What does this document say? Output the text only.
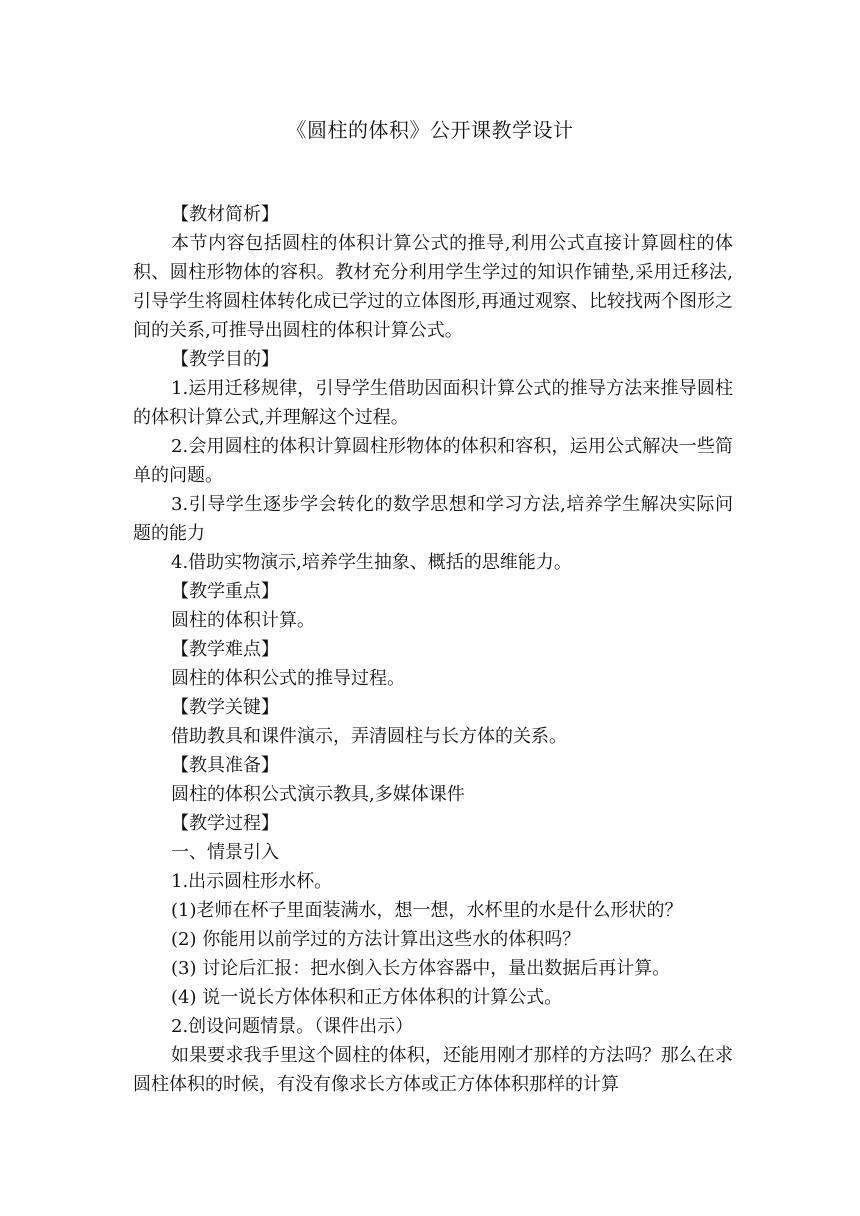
《圆柱的体积》公开课教学设计

【教材简析】

本节内容包括圆柱的体积计算公式的推导,利用公式直接计算圆柱的体积、圆柱形物体的容积。教材充分利用学生学过的知识作铺垫,采用迁移法,引导学生将圆柱体转化成已学过的立体图形,再通过观察、比较找两个图形之间的关系,可推导出圆柱的体积计算公式。

【教学目的】

1.运用迁移规律，引导学生借助因面积计算公式的推导方法来推导圆柱的体积计算公式,并理解这个过程。

2.会用圆柱的体积计算圆柱形物体的体积和容积，运用公式解决一些简单的问题。

3.引导学生逐步学会转化的数学思想和学习方法,培养学生解决实际问题的能力

4.借助实物演示,培养学生抽象、概括的思维能力。

【教学重点】

圆柱的体积计算。

【教学难点】

圆柱的体积公式的推导过程。

【教学关键】

借助教具和课件演示，弄清圆柱与长方体的关系。

【教具准备】

圆柱的体积公式演示教具,多媒体课件

【教学过程】

一、情景引入

1.出示圆柱形水杯。

(1)老师在杯子里面装满水，想一想，水杯里的水是什么形状的？

(2) 你能用以前学过的方法计算出这些水的体积吗？

(3) 讨论后汇报：把水倒入长方体容器中，量出数据后再计算。

(4) 说一说长方体体积和正方体体积的计算公式。

2.创设问题情景。（课件出示）

如果要求我手里这个圆柱的体积，还能用刚才那样的方法吗？那么在求圆柱体积的时候，有没有像求长方体或正方体体积那样的计算
